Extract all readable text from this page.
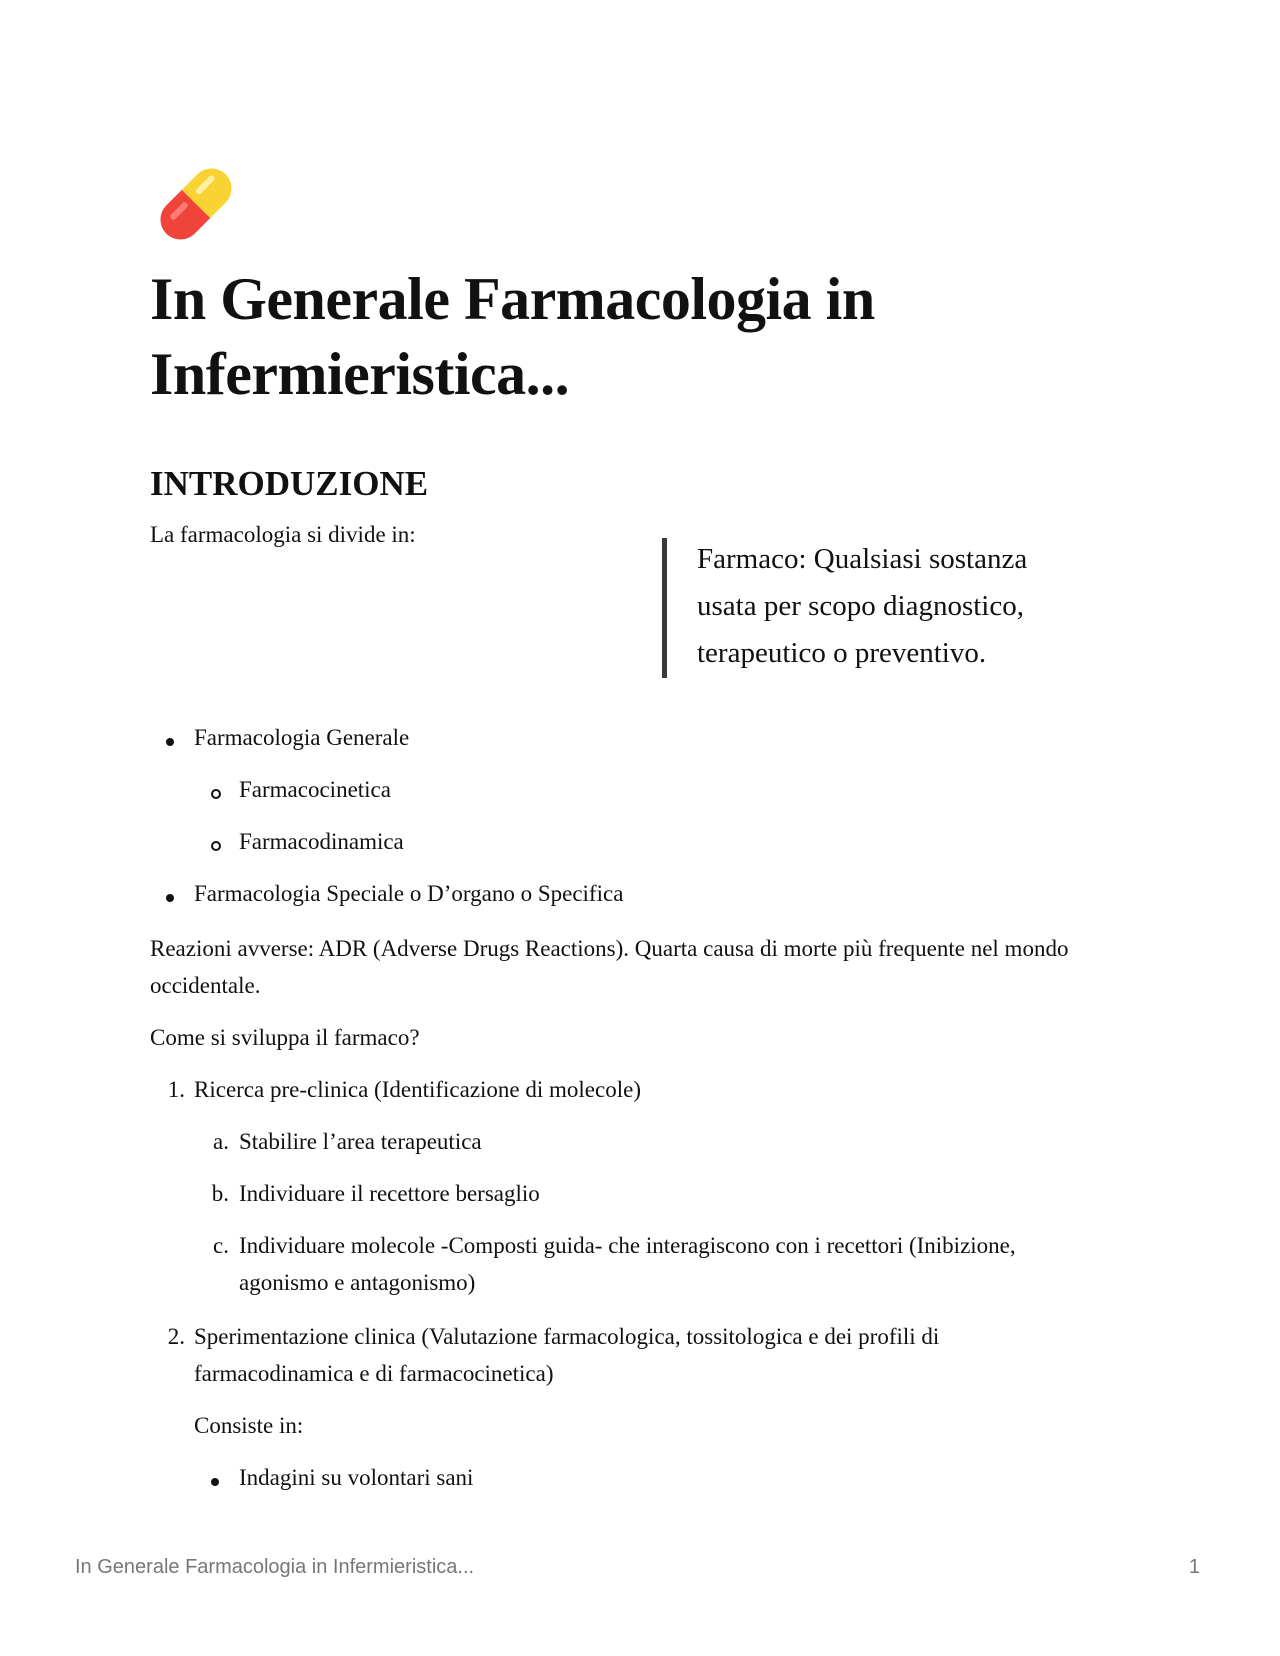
In Generale Farmacologia in Infermieristica...
INTRODUZIONE

La farmacologia si divide in:

Farmaco: Qualsiasi sostanza usata per scopo diagnostico, terapeutico o preventivo.

Farmacologia Generale

Farmacocinetica

Farmacodinamica

Farmacologia Speciale o D’organo o Specifica

Reazioni avverse: ADR (Adverse Drugs Reactions). Quarta causa di morte più frequente nel mondo occidentale.

Come si sviluppa il farmaco?

1. Ricerca pre-clinica (Identificazione di molecole)

a. Stabilire l’area terapeutica

b. Individuare il recettore bersaglio

c. Individuare molecole -Composti guida- che interagiscono con i recettori (Inibizione, agonismo e antagonismo)

2. Sperimentazione clinica (Valutazione farmacologica, tossitologica e dei profili di farmacodinamica e di farmacocinetica)

Consiste in:

Indagini su volontari sani

In Generale Farmacologia in Infermieristica...	1
